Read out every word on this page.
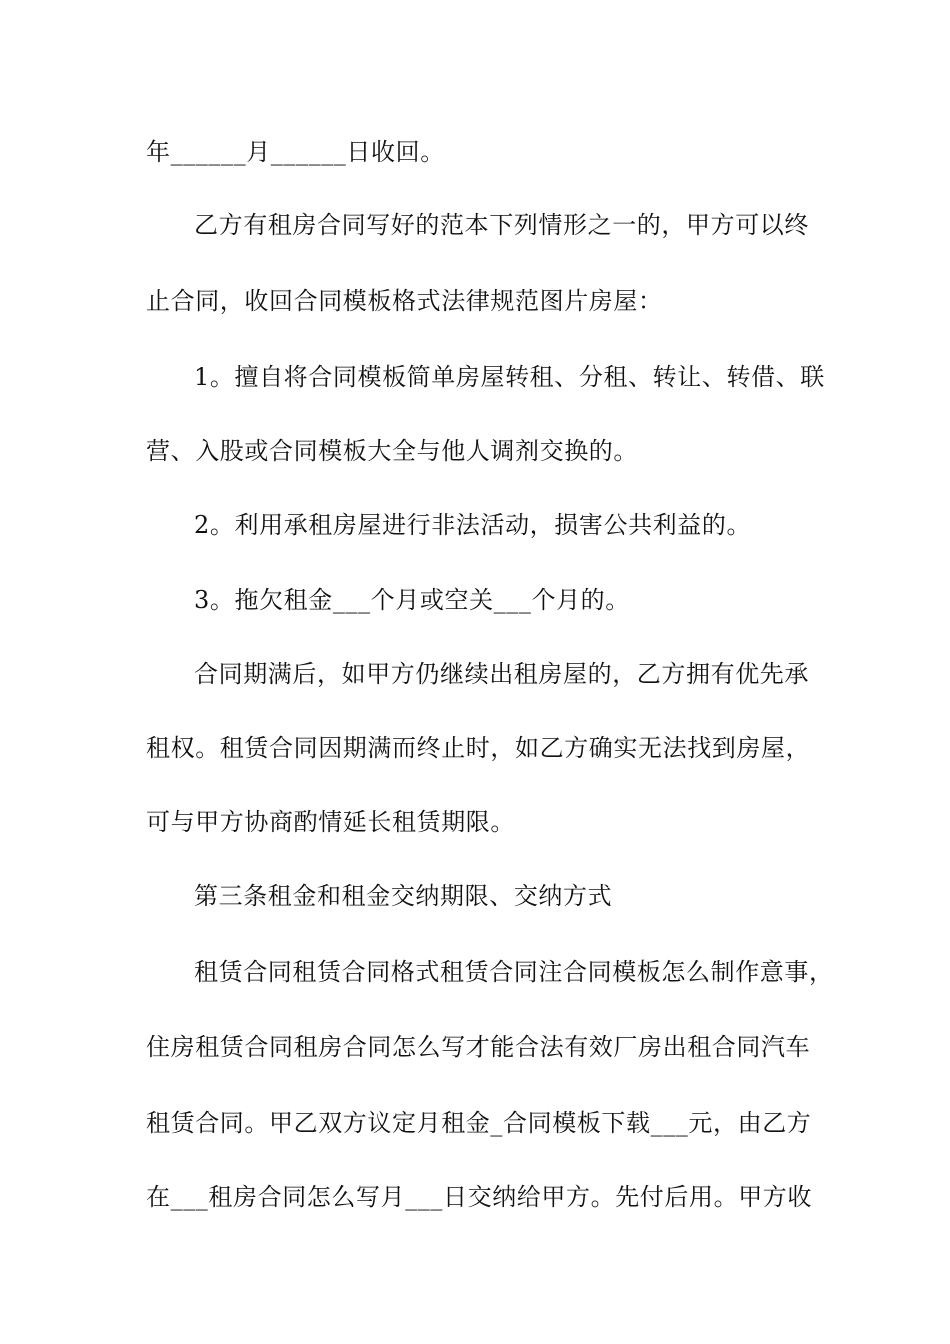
年______月______日收回。
乙方有租房合同写好的范本下列情形之一的，甲方可以终
止合同，收回合同模板格式法律规范图片房屋：
1。擅自将合同模板简单房屋转租、分租、转让、转借、联
营、入股或合同模板大全与他人调剂交换的。
2。利用承租房屋进行非法活动，损害公共利益的。
3。拖欠租金___个月或空关___个月的。
合同期满后，如甲方仍继续出租房屋的，乙方拥有优先承
租权。租赁合同因期满而终止时，如乙方确实无法找到房屋，
可与甲方协商酌情延长租赁期限。
第三条租金和租金交纳期限、交纳方式
租赁合同租赁合同格式租赁合同注合同模板怎么制作意事，
住房租赁合同租房合同怎么写才能合法有效厂房出租合同汽车
租赁合同。甲乙双方议定月租金_合同模板下载___元，由乙方
在___租房合同怎么写月___日交纳给甲方。先付后用。甲方收
